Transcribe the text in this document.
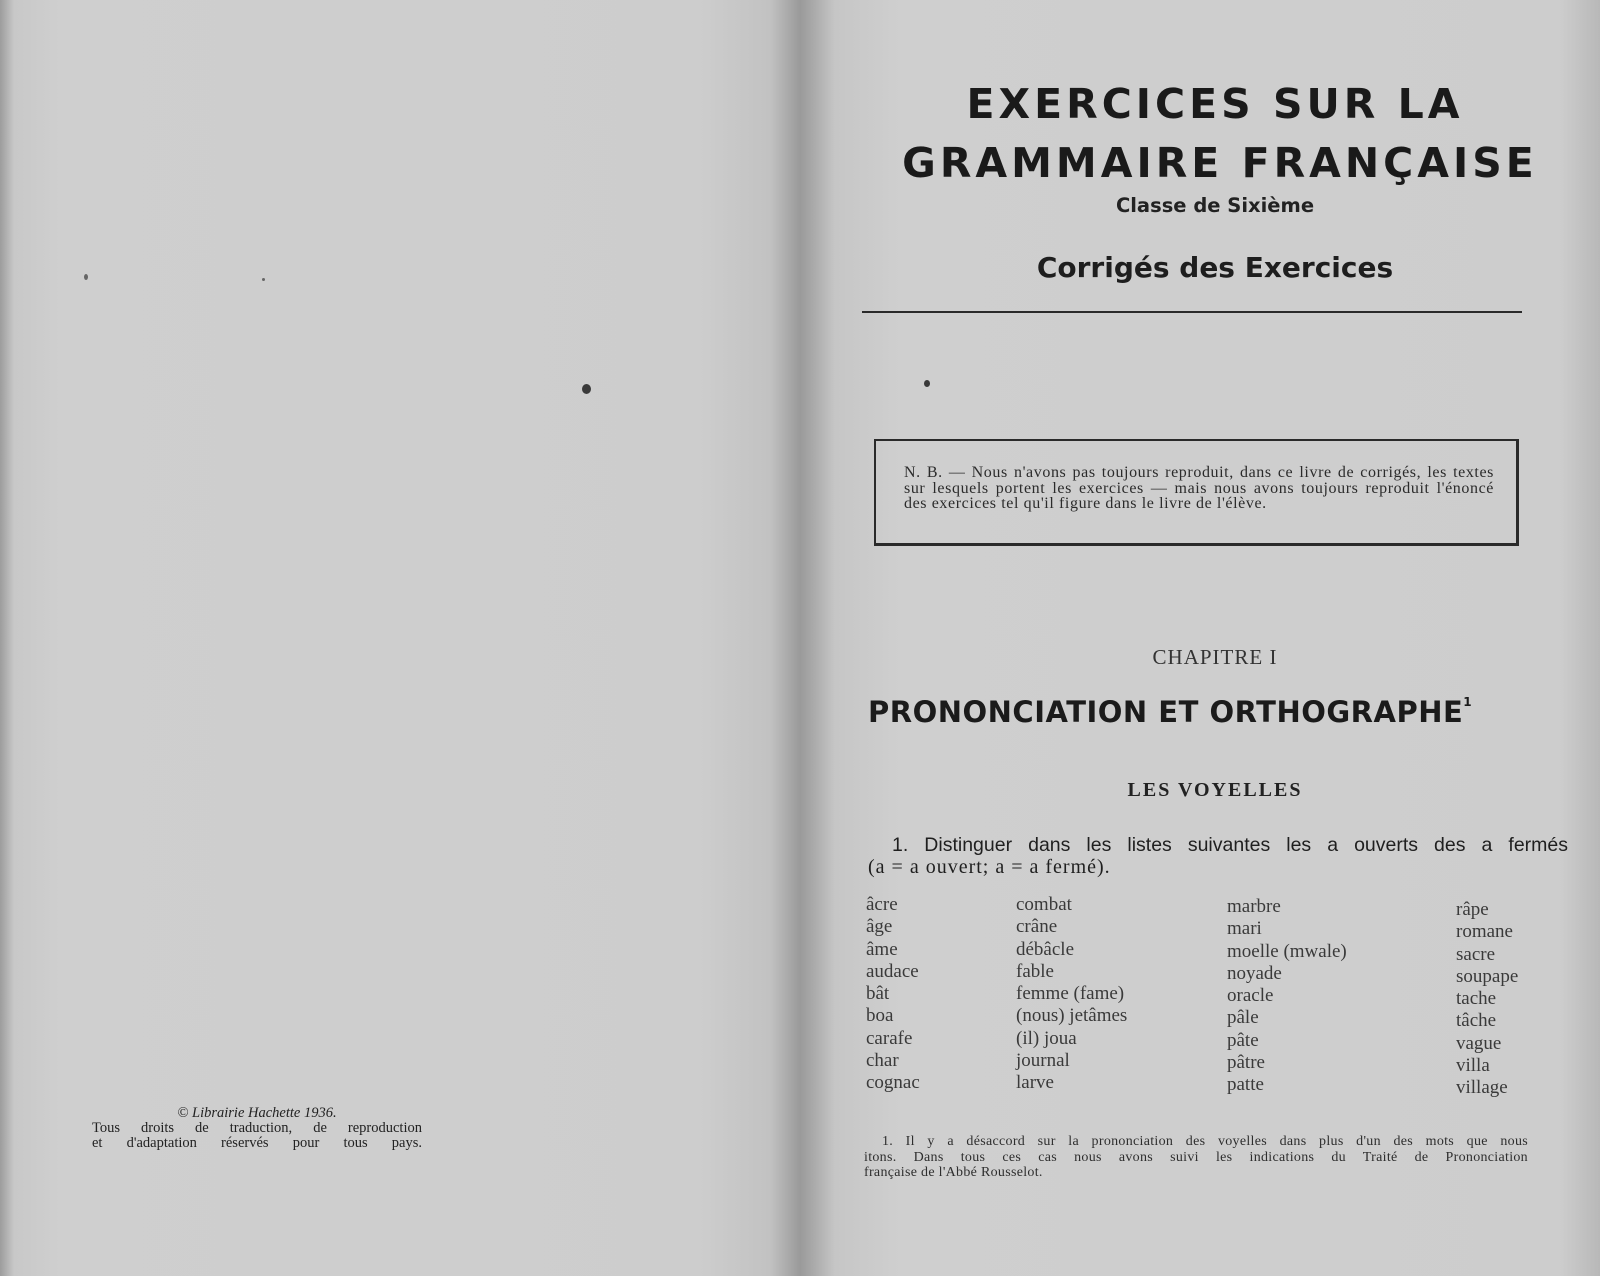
© Librairie Hachette 1936.
Tous droits de traduction, de reproduction
et d'adaptation réservés pour tous pays.
EXERCICES SUR LA
GRAMMAIRE FRANÇAISE
Classe de Sixième
Corrigés des Exercices
N. B. — Nous n'avons pas toujours reproduit, dans ce livre de corrigés, les textes sur lesquels portent les exercices — mais nous avons toujours reproduit l'énoncé des exercices tel qu'il figure dans le livre de l'élève.
CHAPITRE I
PRONONCIATION ET ORTHOGRAPHE$^1$
LES VOYELLES
1. Distinguer dans les listes suivantes les a ouverts des a fermés
(a = a ouvert; a = a fermé).
âcre
âge
âme
audace
bât
boa
carafe
char
cognac
combat
crâne
débâcle
fable
femme (fame)
(nous) jetâmes
(il) joua
journal
larve
marbre
mari
moelle (mwale)
noyade
oracle
pâle
pâte
pâtre
patte
râpe
romane
sacre
soupape
tache
tâche
vague
villa
village
1. Il y a désaccord sur la prononciation des voyelles dans plus d'un des mots que nous
itons. Dans tous ces cas nous avons suivi les indications du Traité de Prononciation
française de l'Abbé Rousselot.
